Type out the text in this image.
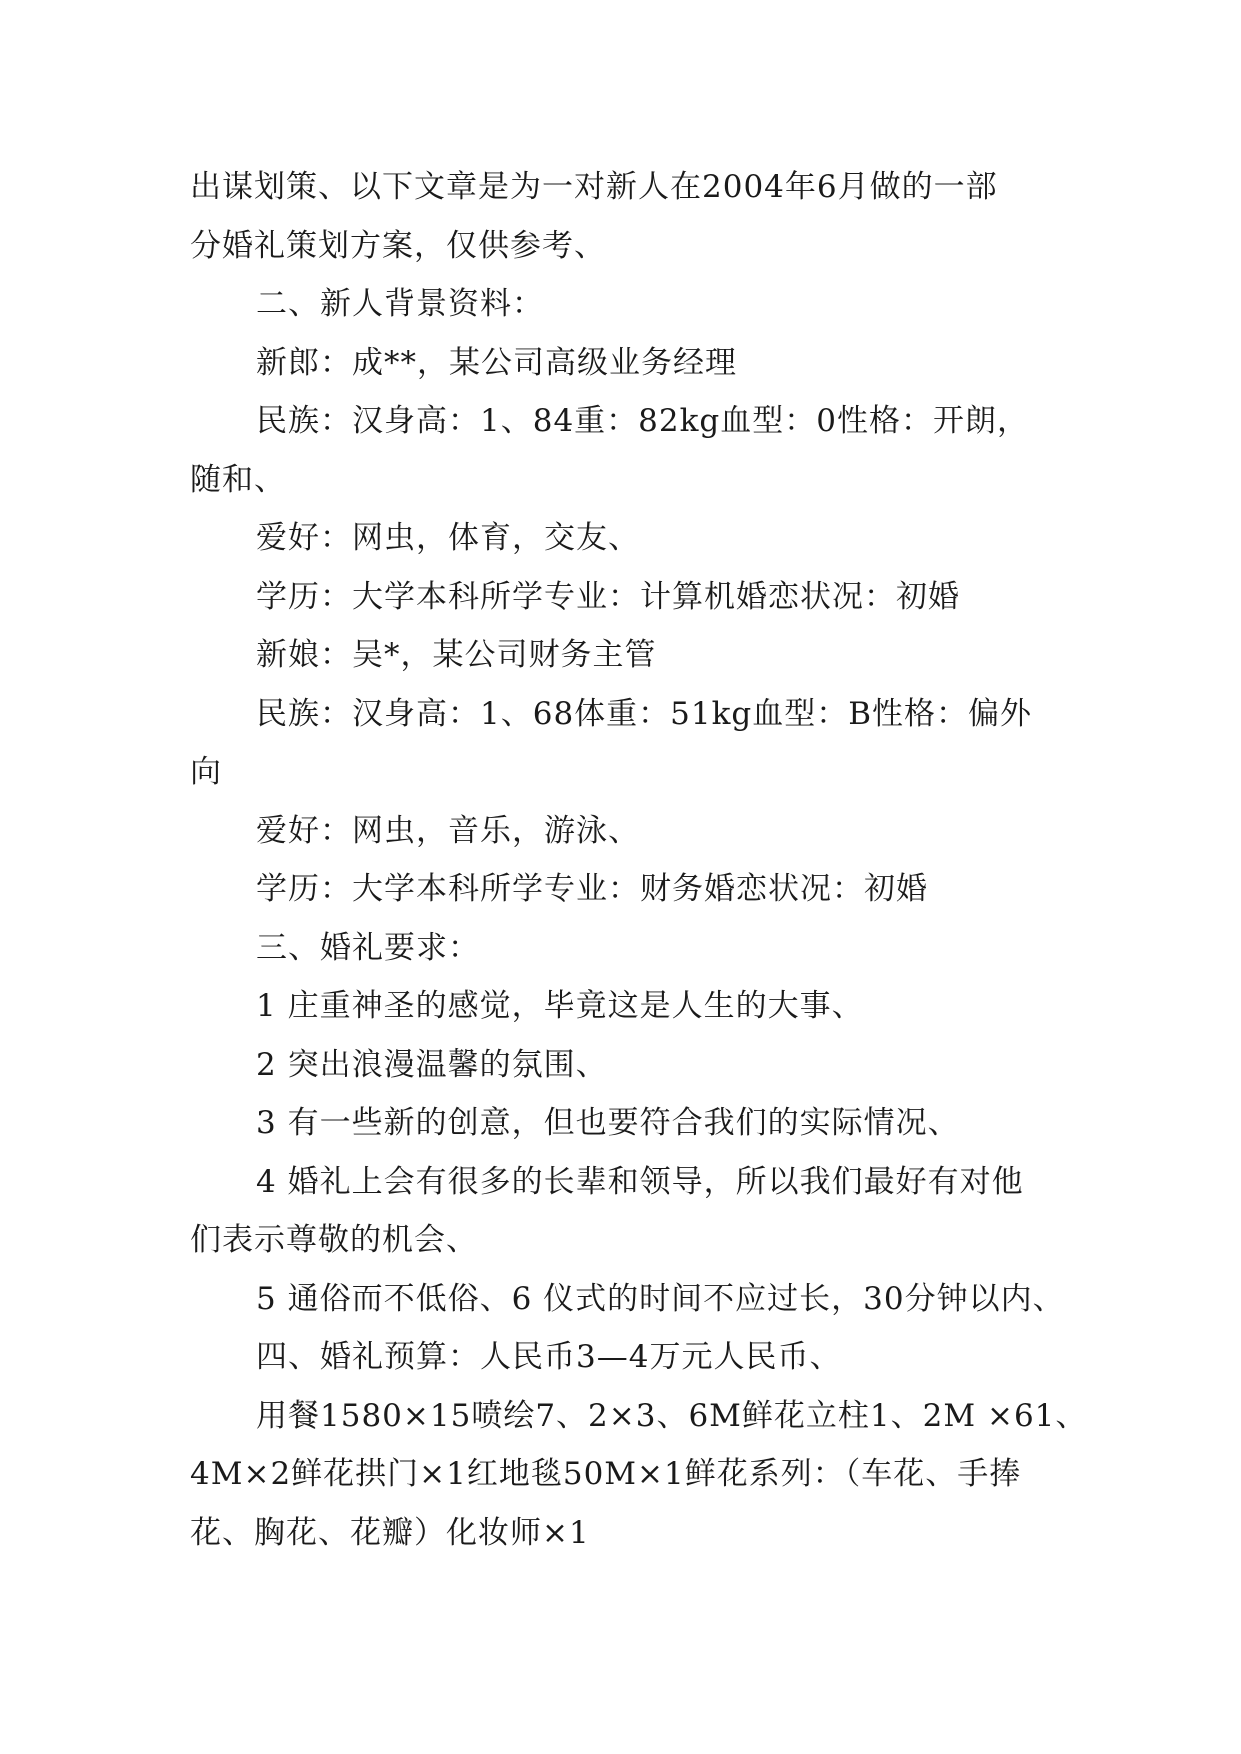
出谋划策、以下文章是为一对新人在2004年6月做的一部
分婚礼策划方案，仅供参考、
二、新人背景资料：
新郎：成**，某公司高级业务经理
民族：汉身高：1、84重：82kg血型：0性格：开朗，
随和、
爱好：网虫，体育，交友、
学历：大学本科所学专业：计算机婚恋状况：初婚
新娘：吴*，某公司财务主管
民族：汉身高：1、68体重：51kg血型：B性格：偏外
向
爱好：网虫，音乐，游泳、
学历：大学本科所学专业：财务婚恋状况：初婚
三、婚礼要求：
1 庄重神圣的感觉，毕竟这是人生的大事、
2 突出浪漫温馨的氛围、
3 有一些新的创意，但也要符合我们的实际情况、
4 婚礼上会有很多的长辈和领导，所以我们最好有对他
们表示尊敬的机会、
5 通俗而不低俗、6 仪式的时间不应过长，30分钟以内、
四、婚礼预算：人民币3—4万元人民币、
用餐1580×15喷绘7、2×3、6M鲜花立柱1、2M ×61、
4M×2鲜花拱门×1红地毯50M×1鲜花系列：（车花、手捧
花、胸花、花瓣）化妆师×1
